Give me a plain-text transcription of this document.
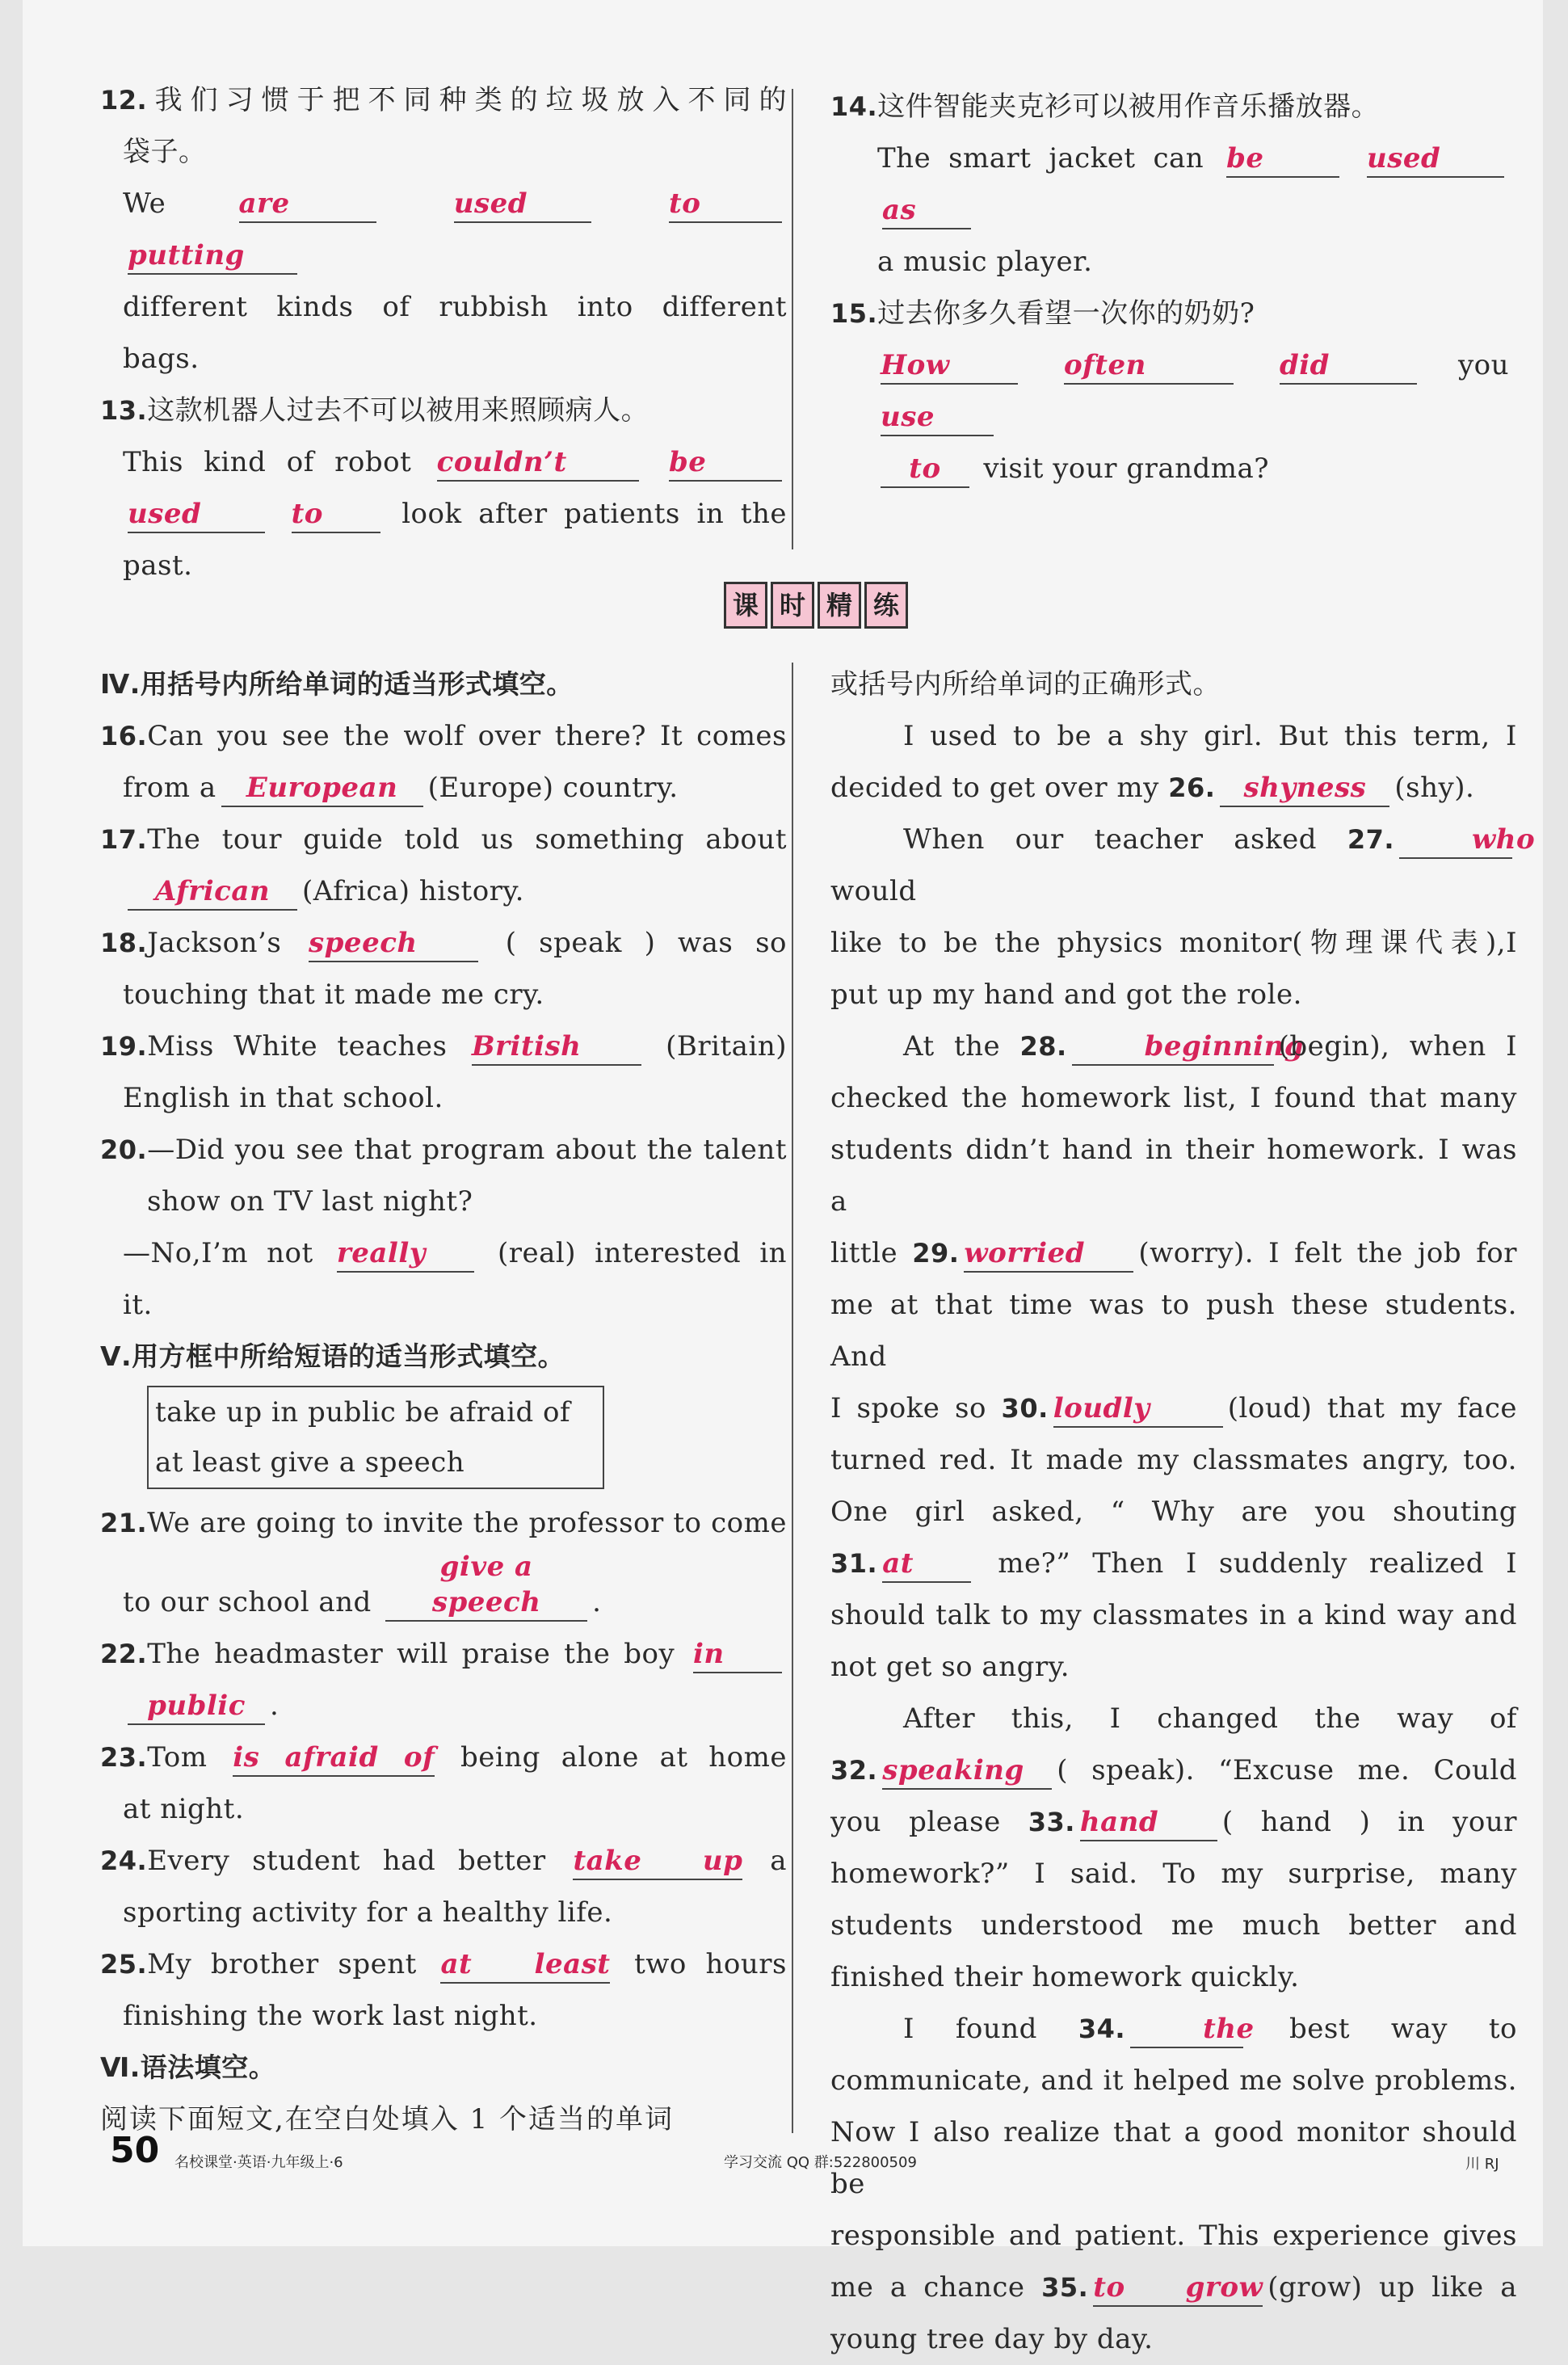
12.我们习惯于把不同种类的垃圾放入不同的
袋子。
We	are	used	to putting
different kinds of rubbish into different
bags.
13.这款机器人过去不可以被用来照顾病人。
This kind of robot couldn’t	be
used	to	look after patients in the
past.
14.这件智能夹克衫可以被用作音乐播放器。
The smart jacket can be	used as
a music player.
15.过去你多久看望一次你的奶奶?
How	often	did	you use
to visit your grandma?
课 时 精 练
Ⅳ.用括号内所给单词的适当形式填空。
16.Can you see the wolf over there? It comes
from a European (Europe) country.
17.The tour guide told us something about
African (Africa) history.
18.Jackson’s speech	( speak ) was so
touching that it made me cry.
19.Miss White teaches British	(Britain)
English in that school.
20.—Did you see that program about the talent
show on TV last night?
—No,I’m not really	(real) interested in
it.
Ⅴ.用方框中所给短语的适当形式填空。
take up in public be afraid of
at least give a speech
21.We are going to invite the professor to come
to our school and give a speech .
22.The headmaster will praise the boy in
public .
23.Tom is afraid of being alone at home
at night.
24.Every student had better take up a
sporting activity for a healthy life.
25.My brother spent at least two hours
finishing the work last night.
Ⅵ.语法填空。
阅读下面短文,在空白处填入 1 个适当的单词
或括号内所给单词的正确形式。
I used to be a shy girl. But this term, I
decided to get over my 26. shyness (shy).
When our teacher asked 27.	who would
like to be the physics monitor(物理课代表),I
put up my hand and got the role.
At the 28.	beginning(begin), when I
checked the homework list, I found that many
students didn’t hand in their homework. I was a
little 29. worried (worry). I felt the job for
me at that time was to push these students. And
I spoke so 30. loudly	(loud) that my face
turned red. It made my classmates angry, too.
One girl asked, “ Why are you shouting
31. at	me?” Then I suddenly realized I
should talk to my classmates in a kind way and
not get so angry.
After this, I changed the way of
32. speaking ( speak). “Excuse me. Could
you please 33. hand ( hand ) in your
homework?” I said. To my surprise, many
students understood me much better and
finished their homework quickly.
I found 34.	the best way to
communicate, and it helped me solve problems.
Now I also realize that a good monitor should be
responsible and patient. This experience gives
me a chance 35. to grow (grow) up like a
young tree day by day.
50 名校课堂·英语·九年级上·6	学习交流 QQ 群:522800509	川 RJ
